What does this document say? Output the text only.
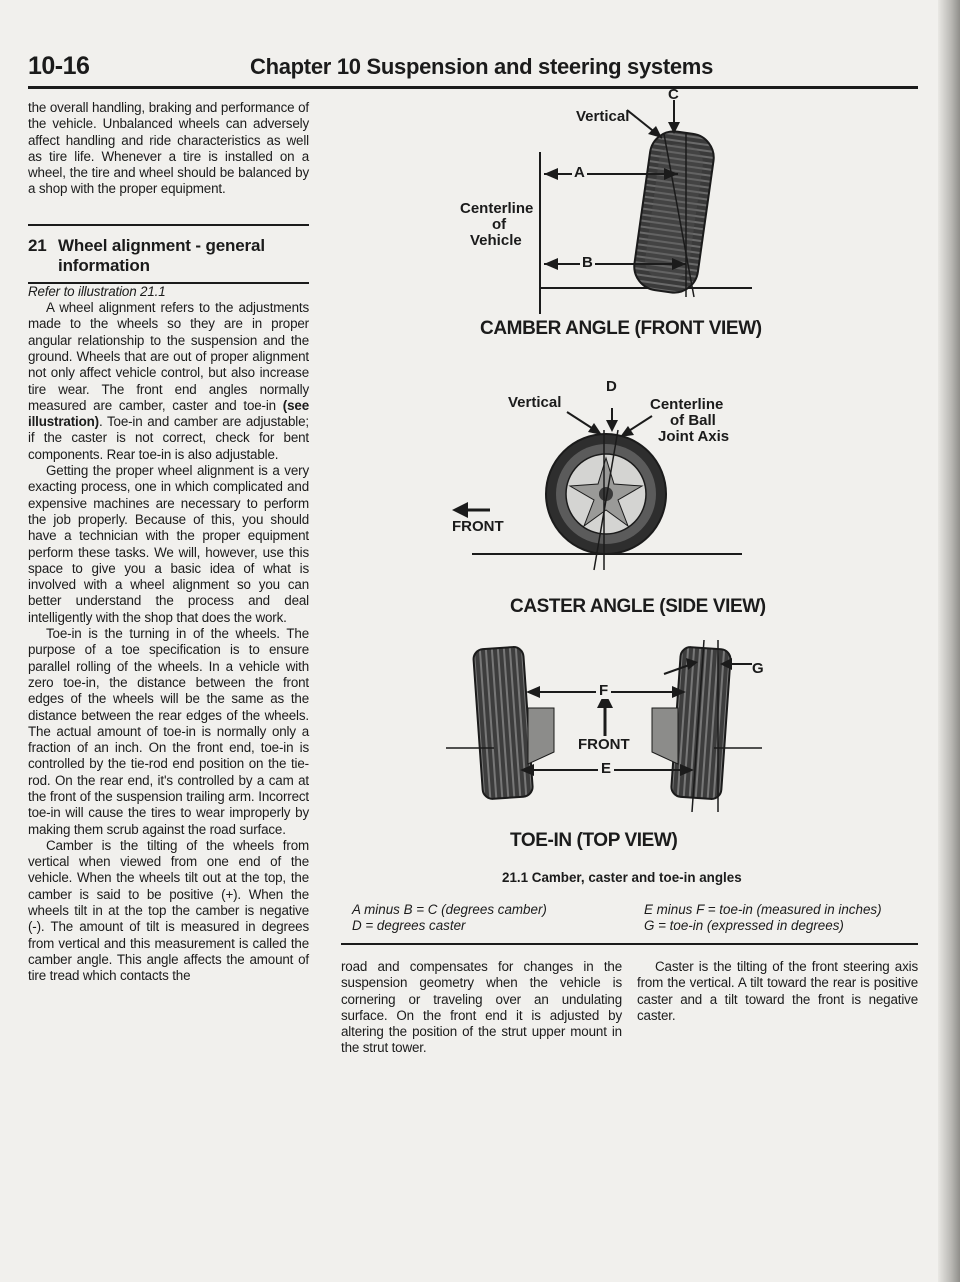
10-16	Chapter 10 Suspension and steering systems

the overall handling, braking and performance of the vehicle. Unbalanced wheels can adversely affect handling and ride characteristics as well as tire life. Whenever a tire is installed on a wheel, the tire and wheel should be balanced by a shop with the proper equipment.

21 Wheel alignment - general information

Refer to illustration 21.1

A wheel alignment refers to the adjustments made to the wheels so they are in proper angular relationship to the suspension and the ground. Wheels that are out of proper alignment not only affect vehicle control, but also increase tire wear. The front end angles normally measured are camber, caster and toe-in (see illustration). Toe-in and camber are adjustable; if the caster is not correct, check for bent components. Rear toe-in is also adjustable.

Getting the proper wheel alignment is a very exacting process, one in which complicated and expensive machines are necessary to perform the job properly. Because of this, you should have a technician with the proper equipment perform these tasks. We will, however, use this space to give you a basic idea of what is involved with a wheel alignment so you can better understand the process and deal intelligently with the shop that does the work.

Toe-in is the turning in of the wheels. The purpose of a toe specification is to ensure parallel rolling of the wheels. In a vehicle with zero toe-in, the distance between the front edges of the wheels will be the same as the distance between the rear edges of the wheels. The actual amount of toe-in is normally only a fraction of an inch. On the front end, toe-in is controlled by the tie-rod end position on the tie-rod. On the rear end, it's controlled by a cam at the front of the suspension trailing arm. Incorrect toe-in will cause the tires to wear improperly by making them scrub against the road surface.

Camber is the tilting of the wheels from vertical when viewed from one end of the vehicle. When the wheels tilt out at the top, the camber is said to be positive (+). When the wheels tilt in at the top the camber is negative (-). The amount of tilt is measured in degrees from vertical and this measurement is called the camber angle. This angle affects the amount of tire tread which contacts the

Vertical
C
A
B
Centerline
of
Vehicle
CAMBER ANGLE (FRONT VIEW)
D
Vertical	Centerline
of Ball
Joint Axis
FRONT
CASTER ANGLE (SIDE VIEW)
G
F
FRONT
E
TOE-IN (TOP VIEW)
21.1 Camber, caster and toe-in angles
A minus B = C (degrees camber)
D = degrees caster
E minus F = toe-in (measured in inches)
G = toe-in (expressed in degrees)

road and compensates for changes in the suspension geometry when the vehicle is cornering or traveling over an undulating surface. On the front end it is adjusted by altering the position of the strut upper mount in the strut tower.

Caster is the tilting of the front steering axis from the vertical. A tilt toward the rear is positive caster and a tilt toward the front is negative caster.
